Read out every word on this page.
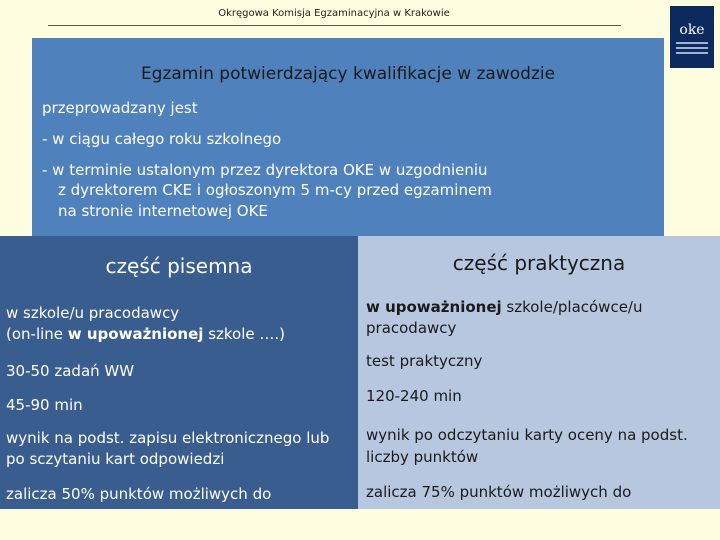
Okręgowa Komisja Egzaminacyjna w Krakowie
oke
Egzamin potwierdzający kwalifikacje w zawodzie
przeprowadzany jest
- w ciągu całego roku szkolnego
- w terminie ustalonym przez dyrektora OKE w uzgodnieniu
z dyrektorem CKE i ogłoszonym 5 m-cy przed egzaminem
na stronie internetowej OKE
część pisemna	część praktyczna
w szkole/u pracodawcy
(on-line w upoważnionej szkole ….)
30-50 zadań WW
45-90 min
wynik na podst. zapisu elektronicznego lub
po sczytaniu kart odpowiedzi
zalicza 50% punktów możliwych do
w upoważnionej szkole/placówce/u
pracodawcy
test praktyczny
120-240 min
wynik po odczytaniu karty oceny na podst.
liczby punktów
zalicza 75% punktów możliwych do
